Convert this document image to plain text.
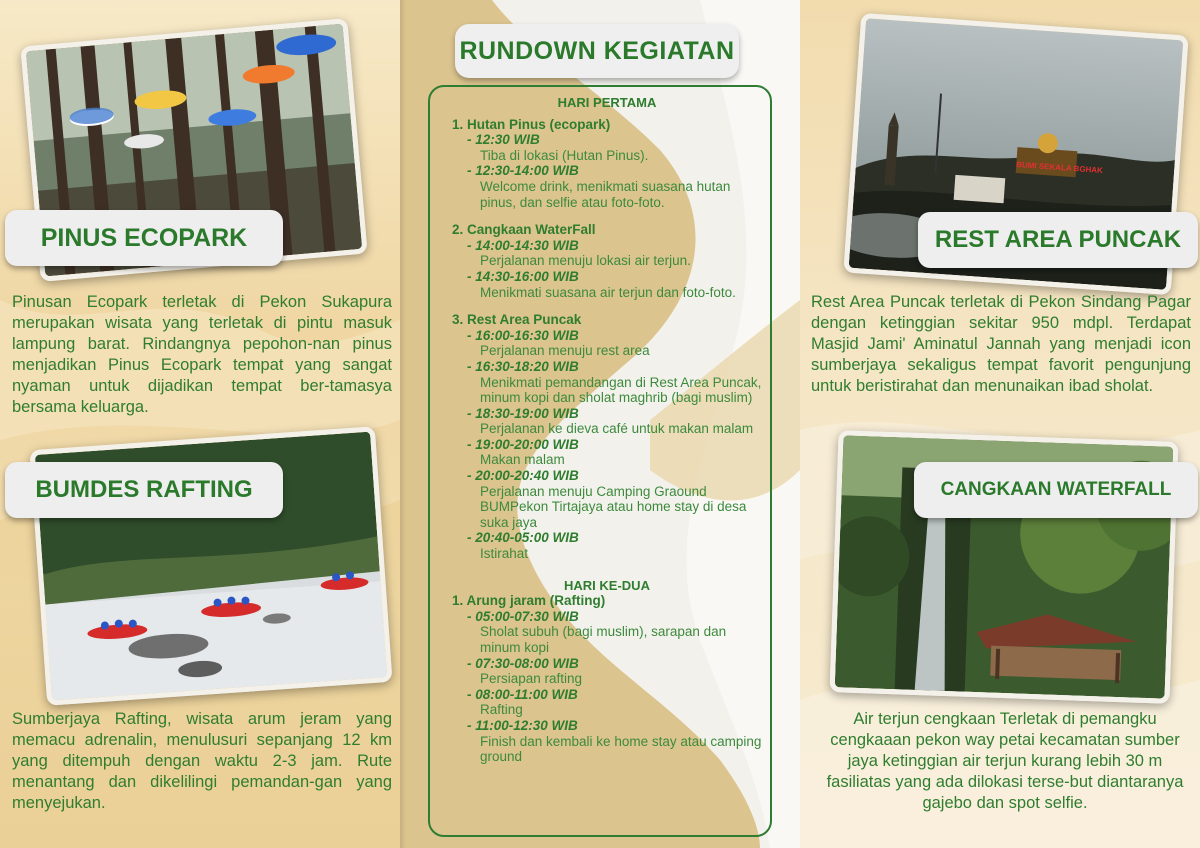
PINUS ECOPARK
Pinusan Ecopark terletak di Pekon Sukapura merupakan wisata yang terletak di pintu masuk lampung barat. Rindangnya pepohon-nan pinus menjadikan Pinus Ecopark tempat yang sangat nyaman untuk dijadikan tempat ber-tamasya bersama keluarga.
BUMDES RAFTING
Sumberjaya Rafting, wisata arum jeram yang memacu adrenalin, menulusuri sepanjang 12 km yang ditempuh dengan waktu 2-3 jam. Rute menantang dan dikelilingi pemandan-gan yang menyejukan.
RUNDOWN KEGIATAN
HARI PERTAMA
1. Hutan Pinus (ecopark)
- 12:30 WIB
Tiba di lokasi (Hutan Pinus).
- 12:30-14:00 WIB
Welcome drink, menikmati suasana hutan pinus, dan selfie atau foto-foto.
2. Cangkaan WaterFall
- 14:00-14:30 WIB
Perjalanan menuju lokasi air terjun.
- 14:30-16:00 WIB
Menikmati suasana air terjun dan foto-foto.
3. Rest Area Puncak
- 16:00-16:30 WIB
Perjalanan menuju rest area
- 16:30-18:20 WIB
Menikmati pemandangan di Rest Area Puncak, minum kopi dan sholat maghrib (bagi muslim)
- 18:30-19:00 WIB
Perjalanan ke dieva café untuk makan malam
- 19:00-20:00 WIB
Makan malam
- 20:00-20:40 WIB
Perjalanan menuju Camping Graound BUMPekon Tirtajaya atau home stay di desa suka jaya
- 20:40-05:00 WIB
Istirahat
HARI KE-DUA
1. Arung jaram (Rafting)
- 05:00-07:30 WIB
Sholat subuh (bagi muslim), sarapan dan minum kopi
- 07:30-08:00 WIB
Persiapan rafting
- 08:00-11:00 WIB
Rafting
- 11:00-12:30 WIB
Finish dan kembali ke home stay atau camping ground
BUMI SEKALA BGHAK
REST AREA PUNCAK
Rest Area Puncak terletak di Pekon Sindang Pagar dengan ketinggian sekitar 950 mdpl. Terdapat Masjid Jami' Aminatul Jannah yang menjadi icon sumberjaya sekaligus tempat favorit pengunjung untuk beristirahat dan menunaikan ibad sholat.
CANGKAAN WATERFALL
Air terjun cengkaan Terletak di pemangku cengkaaan pekon way petai kecamatan sumber jaya ketinggian air terjun kurang lebih 30 m fasiliatas yang ada dilokasi terse-but diantaranya gajebo dan spot selfie.
